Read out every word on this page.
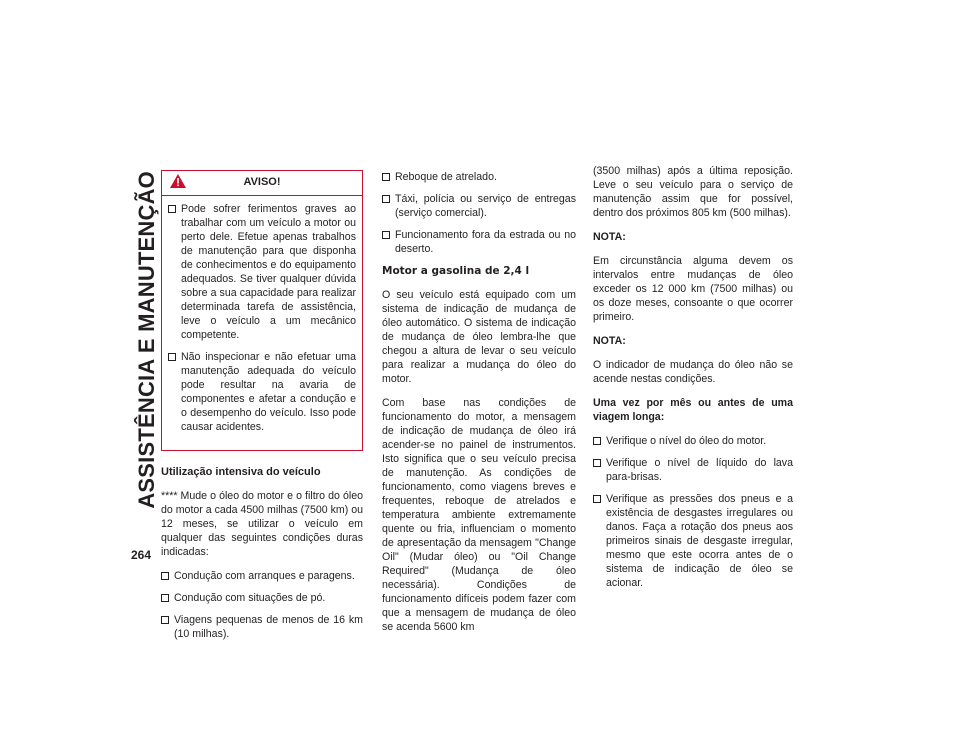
ASSISTÊNCIA E MANUTENÇÃO
264
AVISO!
Pode sofrer ferimentos graves ao trabalhar com um veículo a motor ou perto dele. Efetue apenas trabalhos de manutenção para que disponha de conhecimentos e do equipamento adequados. Se tiver qualquer dúvida sobre a sua capacidade para realizar determinada tarefa de assistência, leve o veículo a um mecânico competente.
Não inspecionar e não efetuar uma manutenção adequada do veículo pode resultar na avaria de componentes e afetar a condução e o desempenho do veículo. Isso pode causar acidentes.
Utilização intensiva do veículo

**** Mude o óleo do motor e o filtro do óleo do motor a cada 4500 milhas (7500 km) ou 12 meses, se utilizar o veículo em qualquer das seguintes condições duras indicadas:

Condução com arranques e paragens.
Condução com situações de pó.
Viagens pequenas de menos de 16 km (10 milhas).
Reboque de atrelado.
Táxi, polícia ou serviço de entregas (serviço comercial).
Funcionamento fora da estrada ou no deserto.
Motor a gasolina de 2,4 l

O seu veículo está equipado com um sistema de indicação de mudança de óleo automático. O sistema de indicação de mudança de óleo lembra-lhe que chegou a altura de levar o seu veículo para realizar a mudança do óleo do motor.

Com base nas condições de funcionamento do motor, a mensagem de indicação de mudança de óleo irá acender-se no painel de instrumentos. Isto significa que o seu veículo precisa de manutenção. As condições de funcionamento, como viagens breves e frequentes, reboque de atrelados e temperatura ambiente extremamente quente ou fria, influenciam o momento de apresentação da mensagem "Change Oil" (Mudar óleo) ou "Oil Change Required" (Mudança de óleo necessária). Condições de funcionamento difíceis podem fazer com que a mensagem de mudança de óleo se acenda 5600 km

(3500 milhas) após a última reposição. Leve o seu veículo para o serviço de manutenção assim que for possível, dentro dos próximos 805 km (500 milhas).

NOTA:

Em circunstância alguma devem os intervalos entre mudanças de óleo exceder os 12 000 km (7500 milhas) ou os doze meses, consoante o que ocorrer primeiro.

NOTA:

O indicador de mudança do óleo não se acende nestas condições.

Uma vez por mês ou antes de uma viagem longa:

Verifique o nível do óleo do motor.
Verifique o nível de líquido do lava para-brisas.
Verifique as pressões dos pneus e a existência de desgastes irregulares ou danos. Faça a rotação dos pneus aos primeiros sinais de desgaste irregular, mesmo que este ocorra antes de o sistema de indicação de óleo se acionar.
